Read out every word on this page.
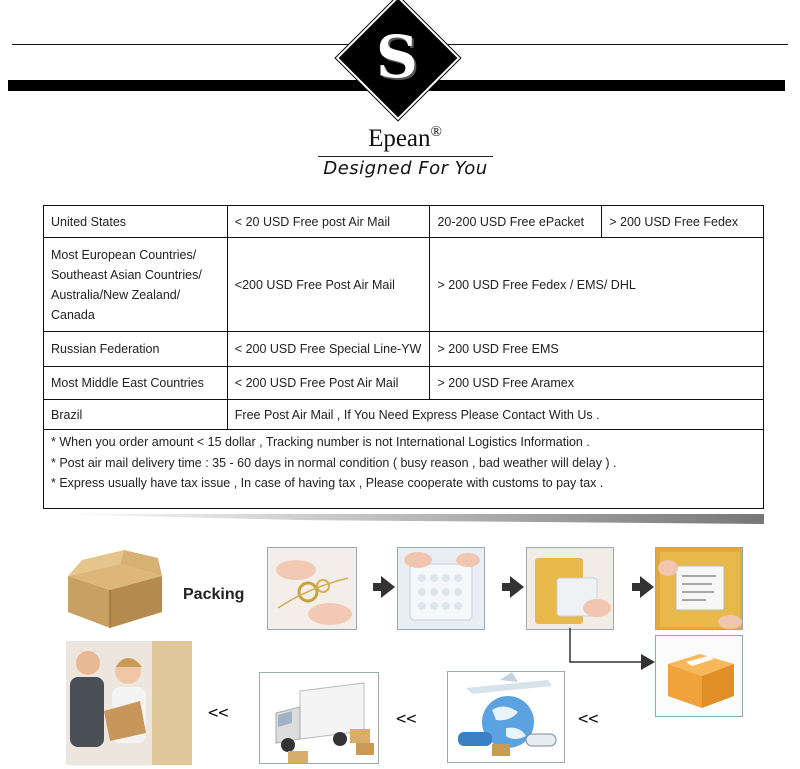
S
Epean®
Designed For You
United States	< 20 USD Free post Air Mail	20-200 USD Free ePacket	> 200 USD Free Fedex

Most European Countries/
Southeast Asian Countries/
Australia/New Zealand/
Canada	<200 USD Free Post Air Mail	> 200 USD Free Fedex / EMS/ DHL	
Russian Federation	< 200 USD Free Special Line-YW	> 200 USD Free EMS	
Most Middle East Countries	< 200 USD Free Post Air Mail	> 200 USD Free Aramex	
Brazil	Free Post Air Mail , If You Need Express Please Contact With Us .		
* When you order amount < 15 dollar , Tracking number is not International Logistics Information .
* Post air mail delivery time : 35 - 60 days in normal condition ( busy reason , bad weather will delay ) .
* Express usually have tax issue , In case of having tax , Please cooperate with customs to pay tax .
Packing
<<	<<	<<
